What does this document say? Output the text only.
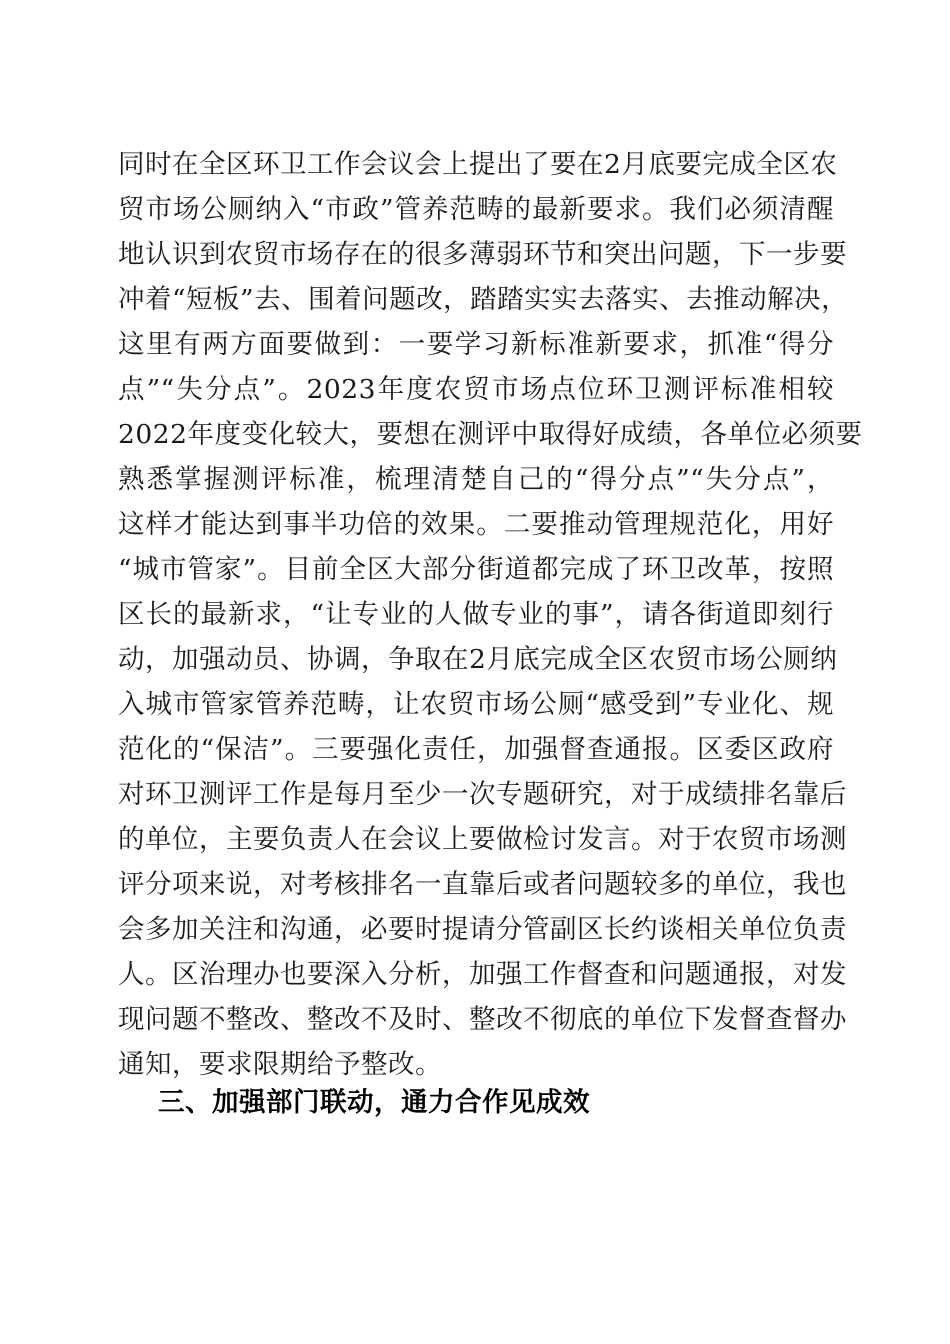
同时在全区环卫工作会议会上提出了要在2月底要完成全区农
贸市场公厕纳入“市政”管养范畴的最新要求。我们必须清醒
地认识到农贸市场存在的很多薄弱环节和突出问题，下一步要
冲着“短板”去、围着问题改，踏踏实实去落实、去推动解决，
这里有两方面要做到：一要学习新标准新要求，抓准“得分
点”“失分点”。2023年度农贸市场点位环卫测评标准相较
2022年度变化较大，要想在测评中取得好成绩，各单位必须要
熟悉掌握测评标准，梳理清楚自己的“得分点”“失分点”，
这样才能达到事半功倍的效果。二要推动管理规范化，用好
“城市管家”。目前全区大部分街道都完成了环卫改革，按照
区长的最新求，“让专业的人做专业的事”，请各街道即刻行
动，加强动员、协调，争取在2月底完成全区农贸市场公厕纳
入城市管家管养范畴，让农贸市场公厕“感受到”专业化、规
范化的“保洁”。三要强化责任，加强督查通报。区委区政府
对环卫测评工作是每月至少一次专题研究，对于成绩排名靠后
的单位，主要负责人在会议上要做检讨发言。对于农贸市场测
评分项来说，对考核排名一直靠后或者问题较多的单位，我也
会多加关注和沟通，必要时提请分管副区长约谈相关单位负责
人。区治理办也要深入分析，加强工作督查和问题通报，对发
现问题不整改、整改不及时、整改不彻底的单位下发督查督办
通知，要求限期给予整改。
三、加强部门联动，通力合作见成效
